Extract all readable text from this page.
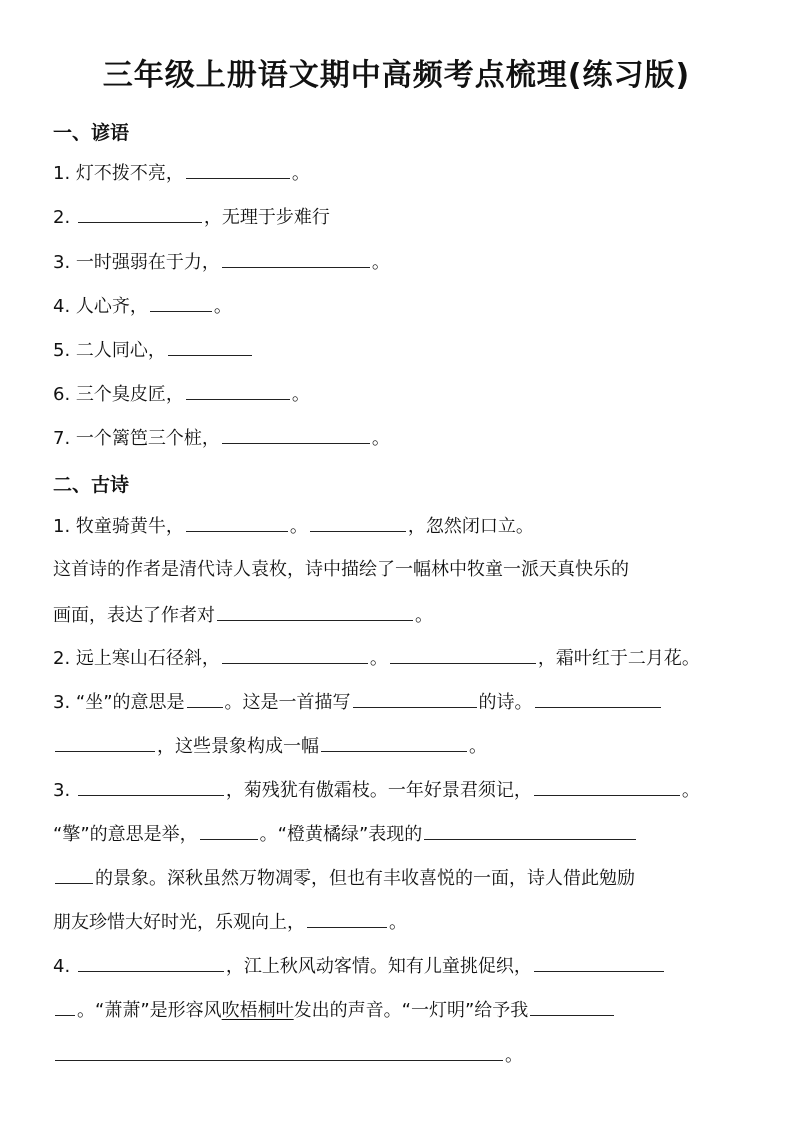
三年级上册语文期中高频考点梳理(练习版)
一、谚语
1. 灯不拨不亮，	。
2.	，无理于步难行
3. 一时强弱在于力，	。
4. 人心齐，	。
5. 二人同心，
6. 三个臭皮匠，	。
7. 一个篱笆三个桩，	。
二、古诗
1. 牧童骑黄牛，	。	，忽然闭口立。
这首诗的作者是清代诗人袁枚，诗中描绘了一幅林中牧童一派天真快乐的
画面，表达了作者对	。
2. 远上寒山石径斜，	。	，霜叶红于二月花。
3. “坐”的意思是 。这是一首描写	的诗。
，这些景象构成一幅	。
3.	，菊残犹有傲霜枝。一年好景君须记，	。
“擎”的意思是举，	。“橙黄橘绿”表现的
的景象。深秋虽然万物凋零，但也有丰收喜悦的一面，诗人借此勉励
朋友珍惜大好时光，乐观向上，	。
4.	，江上秋风动客情。知有儿童挑促织，
。“萧萧”是形容风吹梧桐叶发出的声音。“一灯明”给予我
。
